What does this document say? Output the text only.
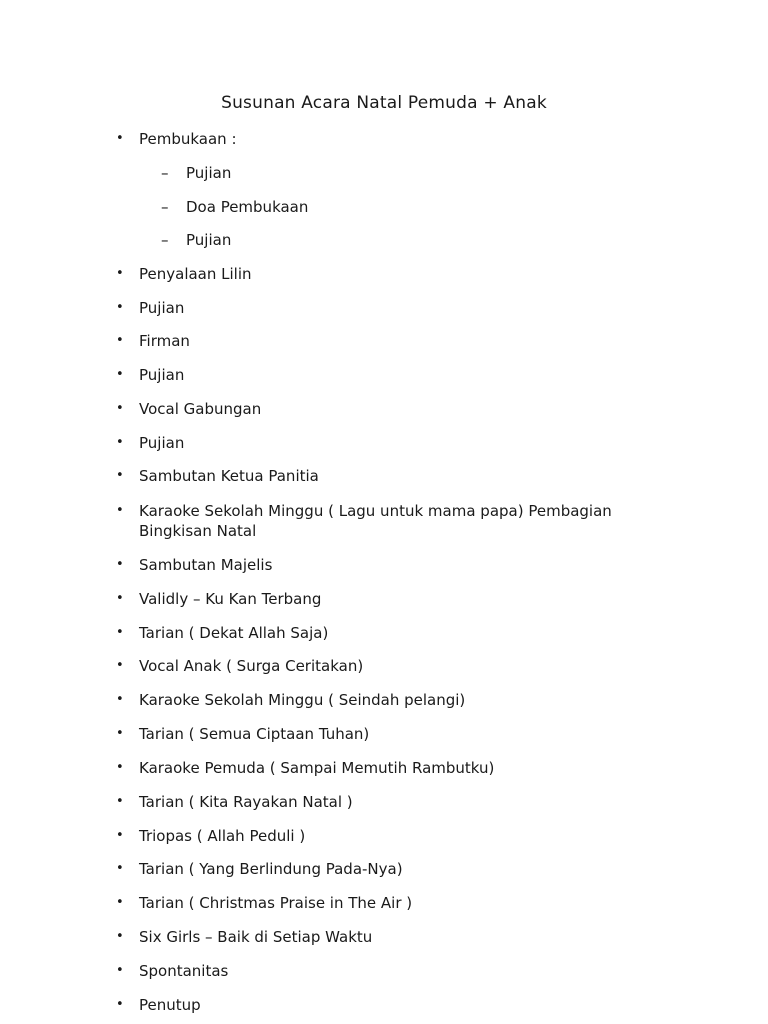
Susunan Acara Natal Pemuda + Anak
• Pembukaan :
–	Pujian
–	Doa Pembukaan
–	Pujian
• Penyalaan Lilin
• Pujian
• Firman
• Pujian
• Vocal Gabungan
• Pujian
• Sambutan Ketua Panitia
• Karaoke Sekolah Minggu ( Lagu untuk mama papa) Pembagian Bingkisan Natal
• Sambutan Majelis
• Validly – Ku Kan Terbang
• Tarian ( Dekat Allah Saja)
• Vocal Anak ( Surga Ceritakan)
• Karaoke Sekolah Minggu ( Seindah pelangi)
• Tarian ( Semua Ciptaan Tuhan)
• Karaoke Pemuda ( Sampai Memutih Rambutku)
• Tarian ( Kita Rayakan Natal )
• Triopas ( Allah Peduli )
• Tarian ( Yang Berlindung Pada-Nya)
• Tarian ( Christmas Praise in The Air )
• Six Girls – Baik di Setiap Waktu
• Spontanitas
• Penutup
